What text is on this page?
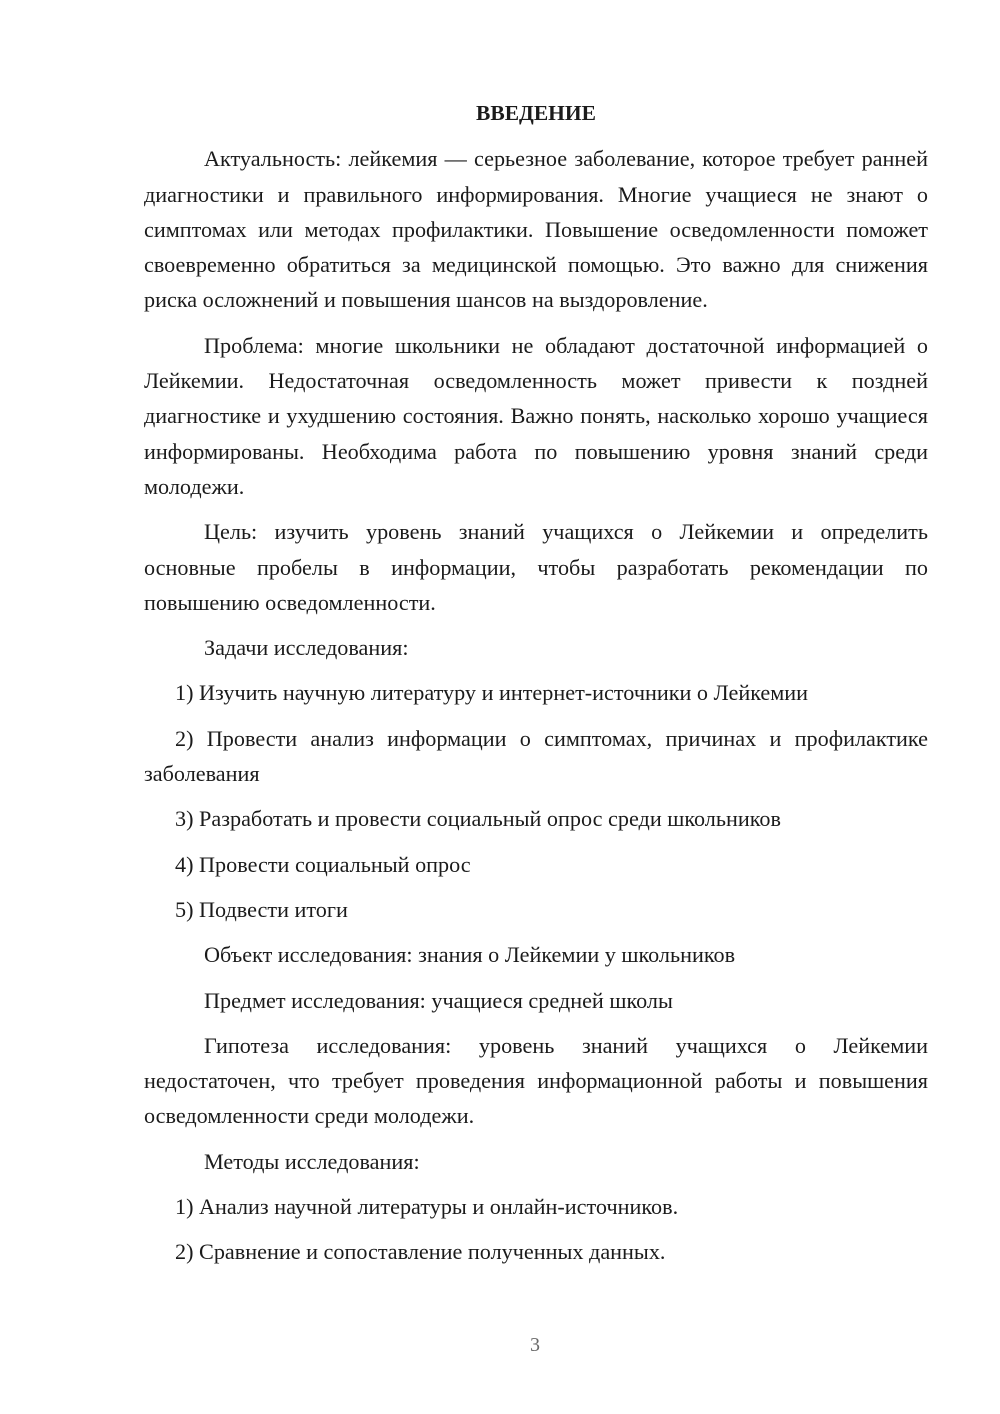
ВВЕДЕНИЕ

Актуальность: лейкемия — серьезное заболевание, которое требует ранней диагностики и правильного информирования. Многие учащиеся не знают о симптомах или методах профилактики. Повышение осведомленности поможет своевременно обратиться за медицинской помощью. Это важно для снижения риска осложнений и повышения шансов на выздоровление.

Проблема: многие школьники не обладают достаточной информацией о Лейкемии. Недостаточная осведомленность может привести к поздней диагностике и ухудшению состояния. Важно понять, насколько хорошо учащиеся информированы. Необходима работа по повышению уровня знаний среди молодежи.

Цель: изучить уровень знаний учащихся о Лейкемии и определить основные пробелы в информации, чтобы разработать рекомендации по повышению осведомленности.

Задачи исследования:

1) Изучить научную литературу и интернет-источники о Лейкемии

2) Провести анализ информации о симптомах, причинах и профилактике заболевания

3) Разработать и провести социальный опрос среди школьников

4) Провести социальный опрос

5) Подвести итоги

Объект исследования: знания о Лейкемии у школьников

Предмет исследования: учащиеся средней школы

Гипотеза исследования: уровень знаний учащихся о Лейкемии недостаточен, что требует проведения информационной работы и повышения осведомленности среди молодежи.

Методы исследования:

1) Анализ научной литературы и онлайн-источников.

2) Сравнение и сопоставление полученных данных.

3
